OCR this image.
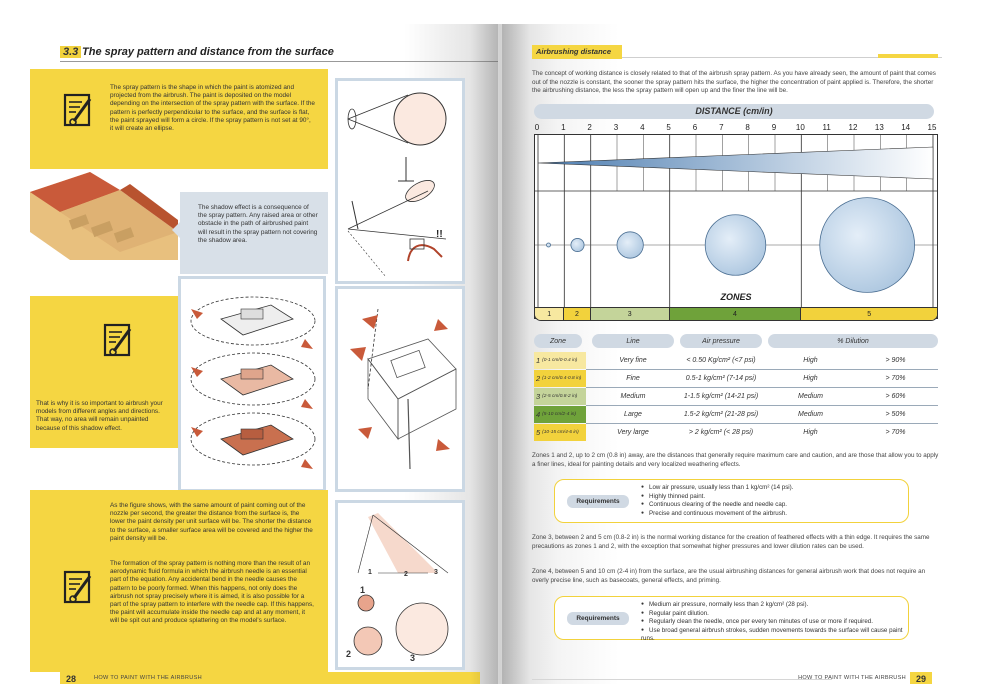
3.3 The spray pattern and distance from the surface
The spray pattern is the shape in which the paint is atomized and projected from the airbrush. The paint is deposited on the model depending on the intersection of the spray pattern with the surface. If the pattern is perfectly perpendicular to the surface, and the surface is flat, the paint sprayed will form a circle. If the spray pattern is not set at 90°, it will create an ellipse.
The shadow effect is a consequence of the spray pattern. Any raised area or other obstacle in the path of airbrushed paint will result in the spray pattern not covering the shadow area.
!!
That is why it is so important to airbrush your models from different angles and directions. That way, no area will remain unpainted because of this shadow effect.
As the figure shows, with the same amount of paint coming out of the nozzle per second, the greater the distance from the surface is, the lower the paint density per unit surface will be. The shorter the distance to the surface, a smaller surface area will be covered and the higher the paint density will be.
The formation of the spray pattern is nothing more than the result of an aerodynamic fluid formula in which the airbrush needle is an essential part of the equation. Any accidental bend in the needle causes the pattern to be poorly formed. When this happens, not only does the airbrush not spray precisely where it is aimed, it is also possible for a part of the spray pattern to interfere with the needle cap. If this happens, the paint will accumulate inside the needle cap and at any moment, it will be spit out and produce splattering on the model's surface.
1	3
2
1
2	3
28	HOW TO PAINT WITH THE AIRBRUSH
Airbrushing distance
The concept of working distance is closely related to that of the airbrush spray pattern. As you have already seen, the amount of paint that comes out of the nozzle is constant, the sooner the spray pattern hits the surface, the higher the concentration of paint applied is. Therefore, the shorter the airbrushing distance, the less the spray pattern will open up and the finer the line will be.
DISTANCE (cm/in)
0	1	2	3	4	5	6	7	8	9	10 11 12 13 14 15
ZONES
1	2	3	4	5
Zone	Line	Air pressure	% Dilution
1 (0-1 cm/0-0.4 in)	Very fine	< 0.50 Kg/cm² (<7 psi)	High	> 90%
2 (1-2 cm/0.4-0.8 in)	Fine	0.5-1 kg/cm² (7-14 psi)	High	> 70%
3 (2-5 cm/0.8-2 in)	Medium	1-1.5 kg/cm² (14-21 psi)	Medium	> 60%
4 (5-10 cm/2-4 in)	Large	1.5-2 kg/cm² (21-28 psi)	Medium	> 50%
5 (10-15 cm/4-6 in)	Very large	> 2 kg/cm² (< 28 psi)	High	> 70%
Zones 1 and 2, up to 2 cm (0.8 in) away, are the distances that generally require maximum care and caution, and are those that allow you to apply a finer lines, ideal for painting details and very localized weathering effects.
Requirements
● Low air pressure, usually less than 1 kg/cm² (14 psi).
● Highly thinned paint.
● Continuous clearing of the needle and needle cap.
● Precise and continuous movement of the airbrush.
Zone 3, between 2 and 5 cm (0.8-2 in) is the normal working distance for the creation of feathered effects with a thin edge. It requires the same precautions as zones 1 and 2, with the exception that somewhat higher pressures and lower dilution rates can be used.
Zone 4, between 5 and 10 cm (2-4 in) from the surface, are the usual airbrushing distances for general airbrush work that does not require an overly precise line, such as basecoats, general effects, and priming.
Requirements
● Medium air pressure, normally less than 2 kg/cm² (28 psi).
● Regular paint dilution.
● Regularly clean the needle, once per every ten minutes of use or more if required.
● Use broad general airbrush strokes, sudden movements towards the surface will cause paint runs.
HOW TO PAINT WITH THE AIRBRUSH	29
